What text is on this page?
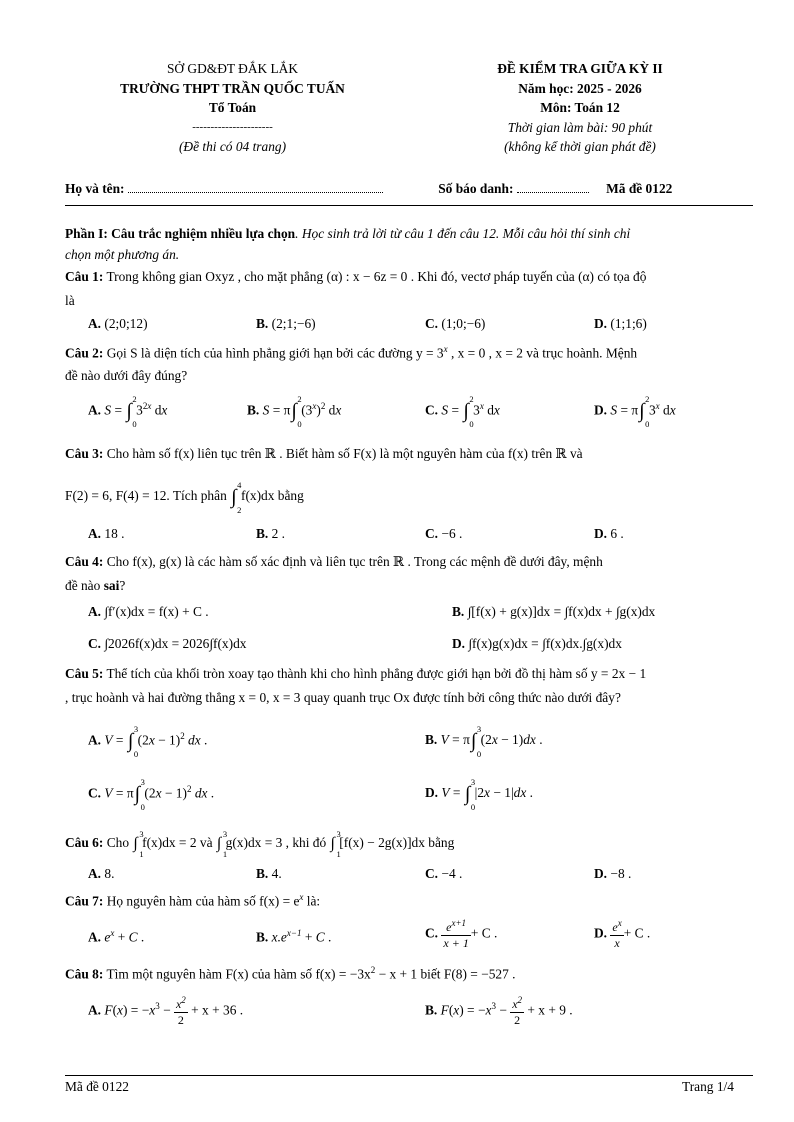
SỞ GD&ĐT ĐẮK LẮK
TRƯỜNG THPT TRẦN QUỐC TUẤN
Tổ Toán
----------------------
(Đề thi có 04 trang)
ĐỀ KIỂM TRA GIỮA KỲ II
Năm học: 2025 - 2026
Môn: Toán 12
Thời gian làm bài: 90 phút
(không kể thời gian phát đề)
Họ và tên:	Số báo danh:	Mã đề 0122
Phần I: Câu trắc nghiệm nhiều lựa chọn. Học sinh trả lời từ câu 1 đến câu 12. Mỗi câu hỏi thí sinh chỉ
chọn một phương án.
Câu 1: Trong không gian Oxyz , cho mặt phẳng (α) : x − 6z = 0 . Khi đó, vectơ pháp tuyến của (α) có tọa độ
là
A. (2;0;12)	B. (2;1;−6)	C. (1;0;−6)	D. (1;1;6)
Câu 2: Gọi S là diện tích của hình phẳng giới hạn bởi các đường $y = 3^x$ , x = 0 , x = 2 và trục hoành. Mệnh
đề nào dưới đây đúng?
A. S = ∫
2
0
$3^{2x}$ dx	B. S = π∫
2
0
$(3^x)^2$ dx	C. S = ∫
2
0
3$^x$ dx	D. S = π∫
2
0
3$^x$ dx
Câu 3: Cho hàm số f(x) liên tục trên ℝ . Biết hàm số F(x) là một nguyên hàm của f(x) trên ℝ và
F(2) = 6, F(4) = 12. Tích phân ∫
4
2
f(x)dx bằng
A. 18 .	B. 2 .	C. −6 .	D. 6 .
Câu 4: Cho f(x), g(x) là các hàm số xác định và liên tục trên ℝ . Trong các mệnh đề dưới đây, mệnh
đề nào sai?
A. ∫f′(x)dx = f(x) + C .	B. ∫[f(x) + g(x)]dx = ∫f(x)dx + ∫g(x)dx
C. ∫2026f(x)dx = 2026∫f(x)dx	D. ∫f(x)g(x)dx = ∫f(x)dx.∫g(x)dx
Câu 5: Thể tích của khối tròn xoay tạo thành khi cho hình phẳng được giới hạn bởi đồ thị hàm số y = 2x − 1
, trục hoành và hai đường thẳng x = 0, x = 3 quay quanh trục Ox được tính bởi công thức nào dưới đây?
A. V = ∫
3
0
$(2x - 1)^2$ dx .	B. V = π∫
3
0
(2x − 1)dx .
C. V = π∫
3
0
$(2x - 1)^2$ dx .	D. V = ∫
3
0
|2x − 1|dx .
Câu 6: Cho ∫
3
1
f(x)dx = 2 và ∫
3
1
g(x)dx = 3 , khi đó ∫
3
1
[f(x) − 2g(x)]dx bằng
A. 8.	B. 4.	C. −4 .	D. −8 .
Câu 7: Họ nguyên hàm của hàm số $f(x) = e^x$ là:
A. $e^x + C$ .	B. $x.e^{x-1} + C$ .	C. $\frac{e^{x+1}}{x + 1} + C$ .	D. $\frac{e^x}{x} + C$ .
Câu 8: Tìm một nguyên hàm F(x) của hàm số $f(x) = -3x^2 - x + 1$ biết F(8) = −527 .
A. $F(x) = -x^3 - \frac{x^2}{2} + x + 36$ .	B. $F(x) = -x^3 - \frac{x^2}{2} + x + 9$ .
Mã đề 0122	Trang 1/4
